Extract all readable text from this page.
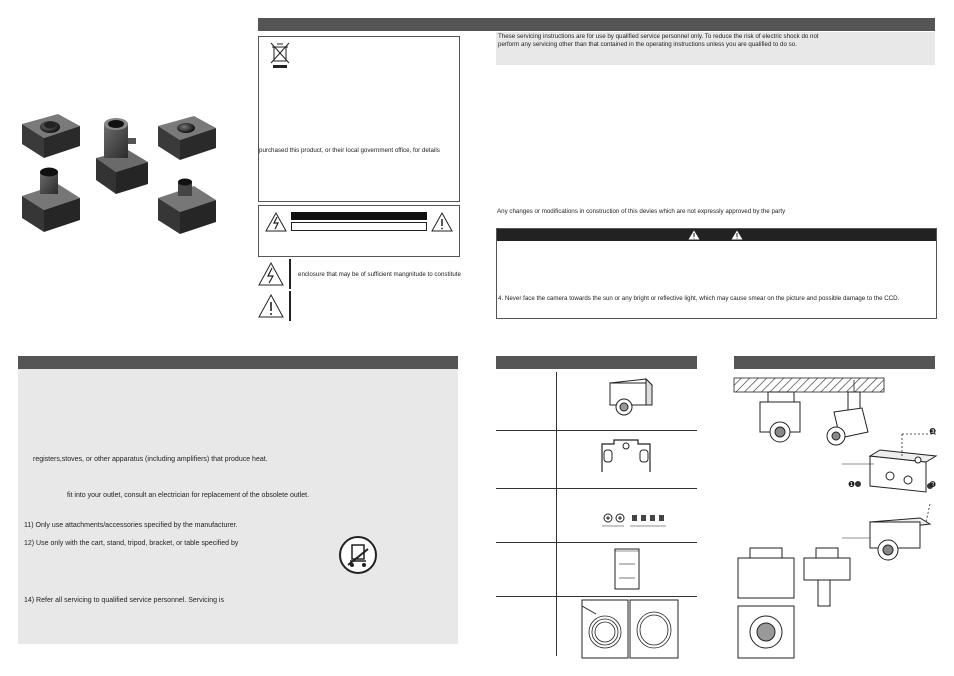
purchased this product, or their local government office, for details
enclosure that may be of sufficient mangnitude to constitute
These servicing instructions are for use by qualified service personnel only. To reduce the risk of electric shock do not
perform any servicing other than that contained in the operating instructions unless you are qualified to do so.
Any changes or modifications in construction of this devies which are not expressly approved by the party
4. Never face the camera towards the sun or any bright or reflective light, which may cause smear on the picture and possible damage to the CCD.
registers,stoves, or other apparatus (including amplifiers) that produce heat.
fit into your outlet, consult an electrician for replacement of the obsolete outlet.
11) Only use attachments/accessories specified by the manufacturer.
12) Use only with the cart, stand, tripod, bracket, or table specified by
14) Refer all servicing to qualified service personnel. Servicing is
❸
❶	❷
